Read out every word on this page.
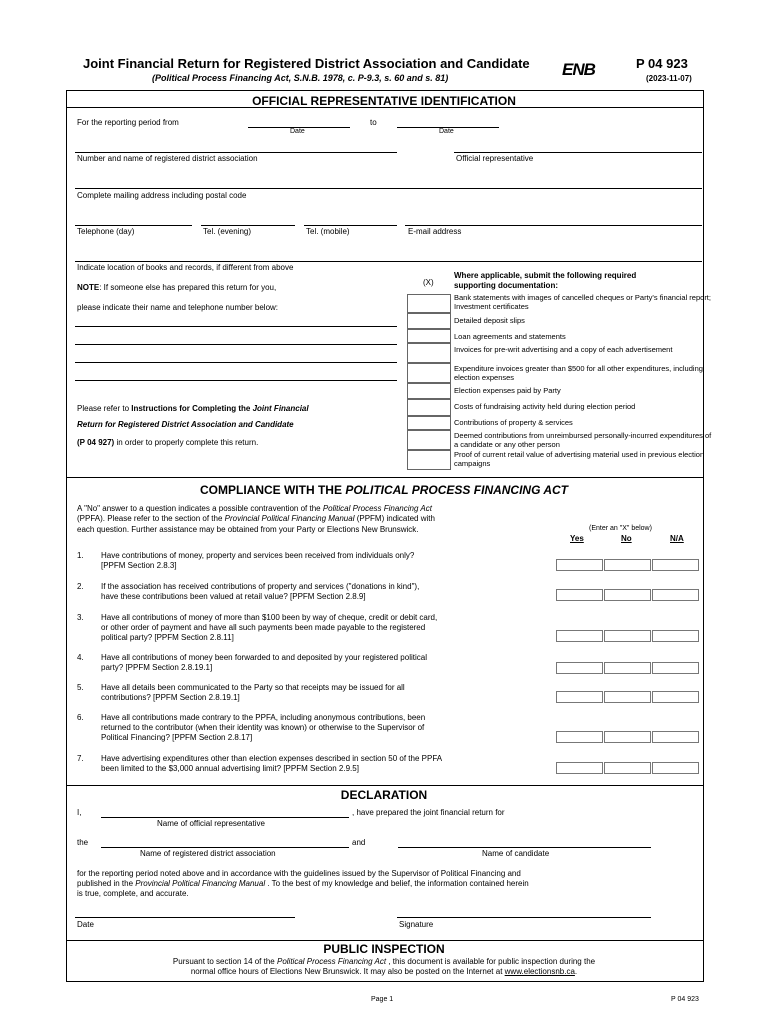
Joint Financial Return for Registered District Association and Candidate	P 04 923
(Political Process Financing Act, S.N.B. 1978, c. P-9.3, s. 60 and s. 81)	(2023-11-07)
ENB
OFFICIAL REPRESENTATIVE IDENTIFICATION
For the reporting period from	to
Date	Date
Number and name of registered district association	Official representative
Complete mailing address including postal code
Telephone (day)	Tel. (evening)	Tel. (mobile)	E-mail address
Indicate location of books and records, if different from above
NOTE: If someone else has prepared this return for you,
please indicate their name and telephone number below:
Please refer to Instructions for Completing the Joint Financial
Return for Registered District Association and Candidate
(P 04 927) in order to properly complete this return.
(X)
Where applicable, submit the following required
supporting documentation:
Bank statements with images of cancelled cheques or Party's financial report; Investment certificates
Detailed deposit slips
Loan agreements and statements
Invoices for pre-writ advertising and a copy of each advertisement
Expenditure invoices greater than $500 for all other expenditures, including election expenses
Election expenses paid by Party
Costs of fundraising activity held during election period
Contributions of property & services
Deemed contributions from unreimbursed personally-incurred expenditures of a candidate or any other person
Proof of current retail value of advertising material used in previous election campaigns
COMPLIANCE WITH THE POLITICAL PROCESS FINANCING ACT
A "No" answer to a question indicates a possible contravention of the Political Process Financing Act
(PPFA). Please refer to the section of the Provincial Political Financing Manual (PPFM) indicated with
each question. Further assistance may be obtained from your Party or Elections New Brunswick.	(Enter an "X" below)
Yes	No	N/A
1. Have contributions of money, property and services been received from individuals only?
[PPFM Section 2.8.3]
2. If the association has received contributions of property and services ("donations in kind"),
have these contributions been valued at retail value? [PPFM Section 2.8.9]
3. Have all contributions of money of more than $100 been by way of cheque, credit or debit card,
or other order of payment and have all such payments been made payable to the registered
political party? [PPFM Section 2.8.11]
4. Have all contributions of money been forwarded to and deposited by your registered political
party? [PPFM Section 2.8.19.1]
5. Have all details been communicated to the Party so that receipts may be issued for all
contributions? [PPFM Section 2.8.19.1]
6. Have all contributions made contrary to the PPFA, including anonymous contributions, been
returned to the contributor (when their identity was known) or otherwise to the Supervisor of
Political Financing? [PPFM Section 2.8.17]
7. Have advertising expenditures other than election expenses described in section 50 of the PPFA
been limited to the $3,000 annual advertising limit? [PPFM Section 2.9.5]
DECLARATION
I,	, have prepared the joint financial return for
Name of official representative
the	and
Name of registered district association	Name of candidate
for the reporting period noted above and in accordance with the guidelines issued by the Supervisor of Political Financing and
published in the Provincial Political Financing Manual . To the best of my knowledge and belief, the information contained herein
is true, complete, and accurate.
Date	Signature
PUBLIC INSPECTION
Pursuant to section 14 of the Political Process Financing Act , this document is available for public inspection during the
normal office hours of Elections New Brunswick. It may also be posted on the Internet at www.electionsnb.ca.
Page 1	P 04 923
